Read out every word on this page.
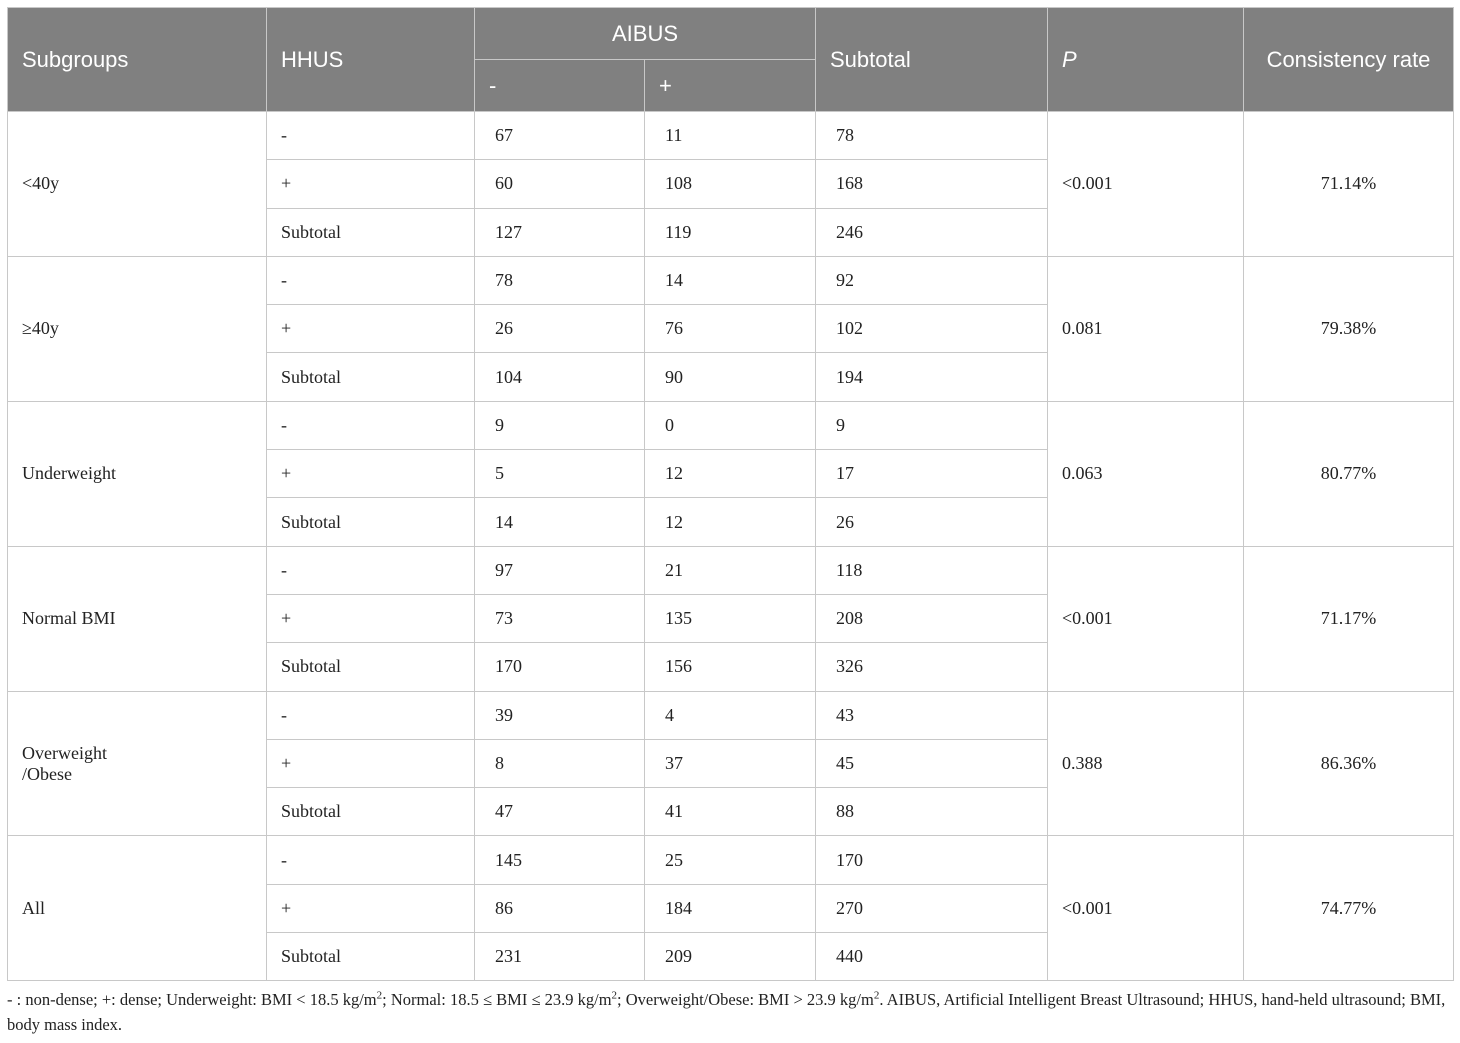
Subgroups	HHUS	AIBUS		Subtotal	P	Consistency rate
		-	+			
<40y	-	67	11	78	<0.001	71.14%
	+	60	108	168		
	Subtotal	127	119	246		
≥40y	-	78	14	92	0.081	79.38%
	+	26	76	102		
	Subtotal	104	90	194		
Underweight	-	9	0	9	0.063	80.77%
	+	5	12	17		
	Subtotal	14	12	26		
Normal BMI	-	97	21	118	<0.001	71.17%
	+	73	135	208		
	Subtotal	170	156	326		
Overweight
/Obese	-	39	4	43	0.388	86.36%
	+	8	37	45		
	Subtotal	47	41	88		
All	-	145	25	170	<0.001	74.77%
	+	86	184	270		
	Subtotal	231	209	440		
- : non-dense; +: dense; Underweight: BMI < 18.5 $kg/m^2$; Normal: 18.5 ≤ BMI ≤ 23.9 $kg/m^2$; Overweight/Obese: BMI > 23.9 $kg/m^2$. AIBUS, Artificial Intelligent Breast Ultrasound; HHUS, hand-held ultrasound; BMI, body mass index.
